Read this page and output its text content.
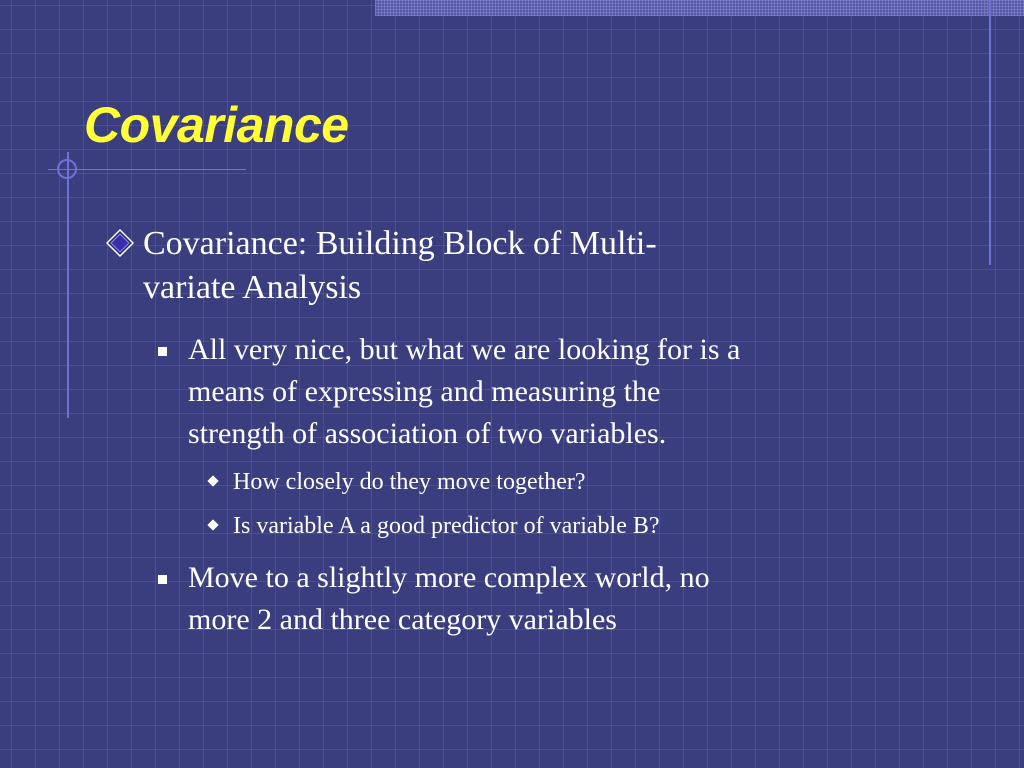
Covariance
Covariance: Building Block of Multi-
variate Analysis
All very nice, but what we are looking for is a
means of expressing and measuring the
strength of association of two variables.
How closely do they move together?
Is variable A a good predictor of variable B?
Move to a slightly more complex world, no
more 2 and three category variables
